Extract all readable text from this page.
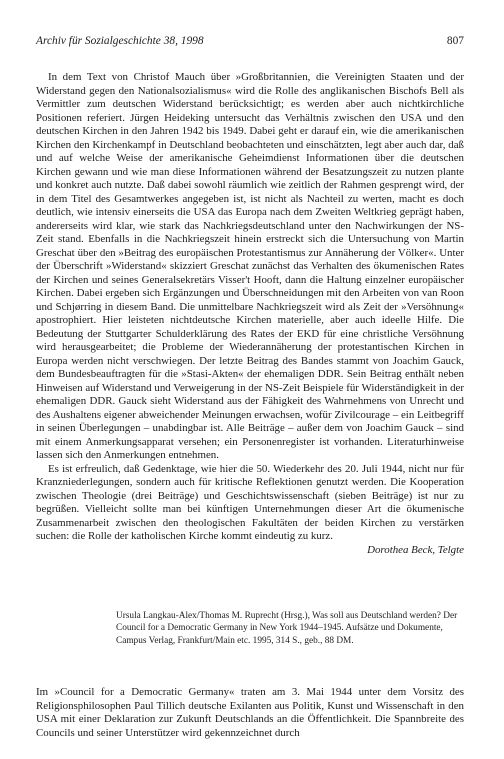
Archiv für Sozialgeschichte 38, 1998	807

In dem Text von Christof Mauch über »Großbritannien, die Vereinigten Staaten und der Widerstand gegen den Nationalsozialismus« wird die Rolle des anglikanischen Bischofs Bell als Vermittler zum deutschen Widerstand berücksichtigt; es werden aber auch nichtkirchliche Positionen referiert. Jürgen Heideking untersucht das Verhältnis zwischen den USA und den deutschen Kirchen in den Jahren 1942 bis 1949. Dabei geht er darauf ein, wie die amerikanischen Kirchen den Kirchenkampf in Deutschland beobachteten und einschätzten, legt aber auch dar, daß und auf welche Weise der amerikanische Geheimdienst Informationen über die deutschen Kirchen gewann und wie man diese Informationen während der Besatzungszeit zu nutzen plante und konkret auch nutzte. Daß dabei sowohl räumlich wie zeitlich der Rahmen gesprengt wird, der in dem Titel des Gesamtwerkes angegeben ist, ist nicht als Nachteil zu werten, macht es doch deutlich, wie intensiv einerseits die USA das Europa nach dem Zweiten Weltkrieg geprägt haben, andererseits wird klar, wie stark das Nachkriegsdeutschland unter den Nachwirkungen der NS-Zeit stand. Ebenfalls in die Nachkriegszeit hinein erstreckt sich die Untersuchung von Martin Greschat über den »Beitrag des europäischen Protestantismus zur Annäherung der Völker«. Unter der Überschrift »Widerstand« skizziert Greschat zunächst das Verhalten des ökumenischen Rates der Kirchen und seines Generalsekretärs Visser't Hooft, dann die Haltung einzelner europäischer Kirchen. Dabei ergeben sich Ergänzungen und Überschneidungen mit den Arbeiten von van Roon und Schjørring in diesem Band. Die unmittelbare Nachkriegszeit wird als Zeit der »Versöhnung« apostrophiert. Hier leisteten nichtdeutsche Kirchen materielle, aber auch ideelle Hilfe. Die Bedeutung der Stuttgarter Schulderklärung des Rates der EKD für eine christliche Versöhnung wird herausgearbeitet; die Probleme der Wiederannäherung der protestantischen Kirchen in Europa werden nicht verschwiegen. Der letzte Beitrag des Bandes stammt von Joachim Gauck, dem Bundesbeauftragten für die »Stasi-Akten« der ehemaligen DDR. Sein Beitrag enthält neben Hinweisen auf Widerstand und Verweigerung in der NS-Zeit Beispiele für Widerständigkeit in der ehemaligen DDR. Gauck sieht Widerstand aus der Fähigkeit des Wahrnehmens von Unrecht und des Aushaltens eigener abweichender Meinungen erwachsen, wofür Zivilcourage – ein Leitbegriff in seinen Überlegungen – unabdingbar ist. Alle Beiträge – außer dem von Joachim Gauck – sind mit einem Anmerkungsapparat versehen; ein Personenregister ist vorhanden. Literaturhinweise lassen sich den Anmerkungen entnehmen.

Es ist erfreulich, daß Gedenktage, wie hier die 50. Wiederkehr des 20. Juli 1944, nicht nur für Kranzniederlegungen, sondern auch für kritische Reflektionen genutzt werden. Die Kooperation zwischen Theologie (drei Beiträge) und Geschichtswissenschaft (sieben Beiträge) ist nur zu begrüßen. Vielleicht sollte man bei künftigen Unternehmungen dieser Art die ökumenische Zusammenarbeit zwischen den theologischen Fakultäten der beiden Kirchen zu verstärken suchen: die Rolle der katholischen Kirche kommt eindeutig zu kurz.

Dorothea Beck, Telgte

Ursula Langkau-Alex/Thomas M. Ruprecht (Hrsg.), Was soll aus Deutschland werden? Der Council for a Democratic Germany in New York 1944–1945. Aufsätze und Dokumente, Campus Verlag, Frankfurt/Main etc. 1995, 314 S., geb., 88 DM.

Im »Council for a Democratic Germany« traten am 3. Mai 1944 unter dem Vorsitz des Religionsphilosophen Paul Tillich deutsche Exilanten aus Politik, Kunst und Wissenschaft in den USA mit einer Deklaration zur Zukunft Deutschlands an die Öffentlichkeit. Die Spannbreite des Councils und seiner Unterstützer wird gekennzeichnet durch
